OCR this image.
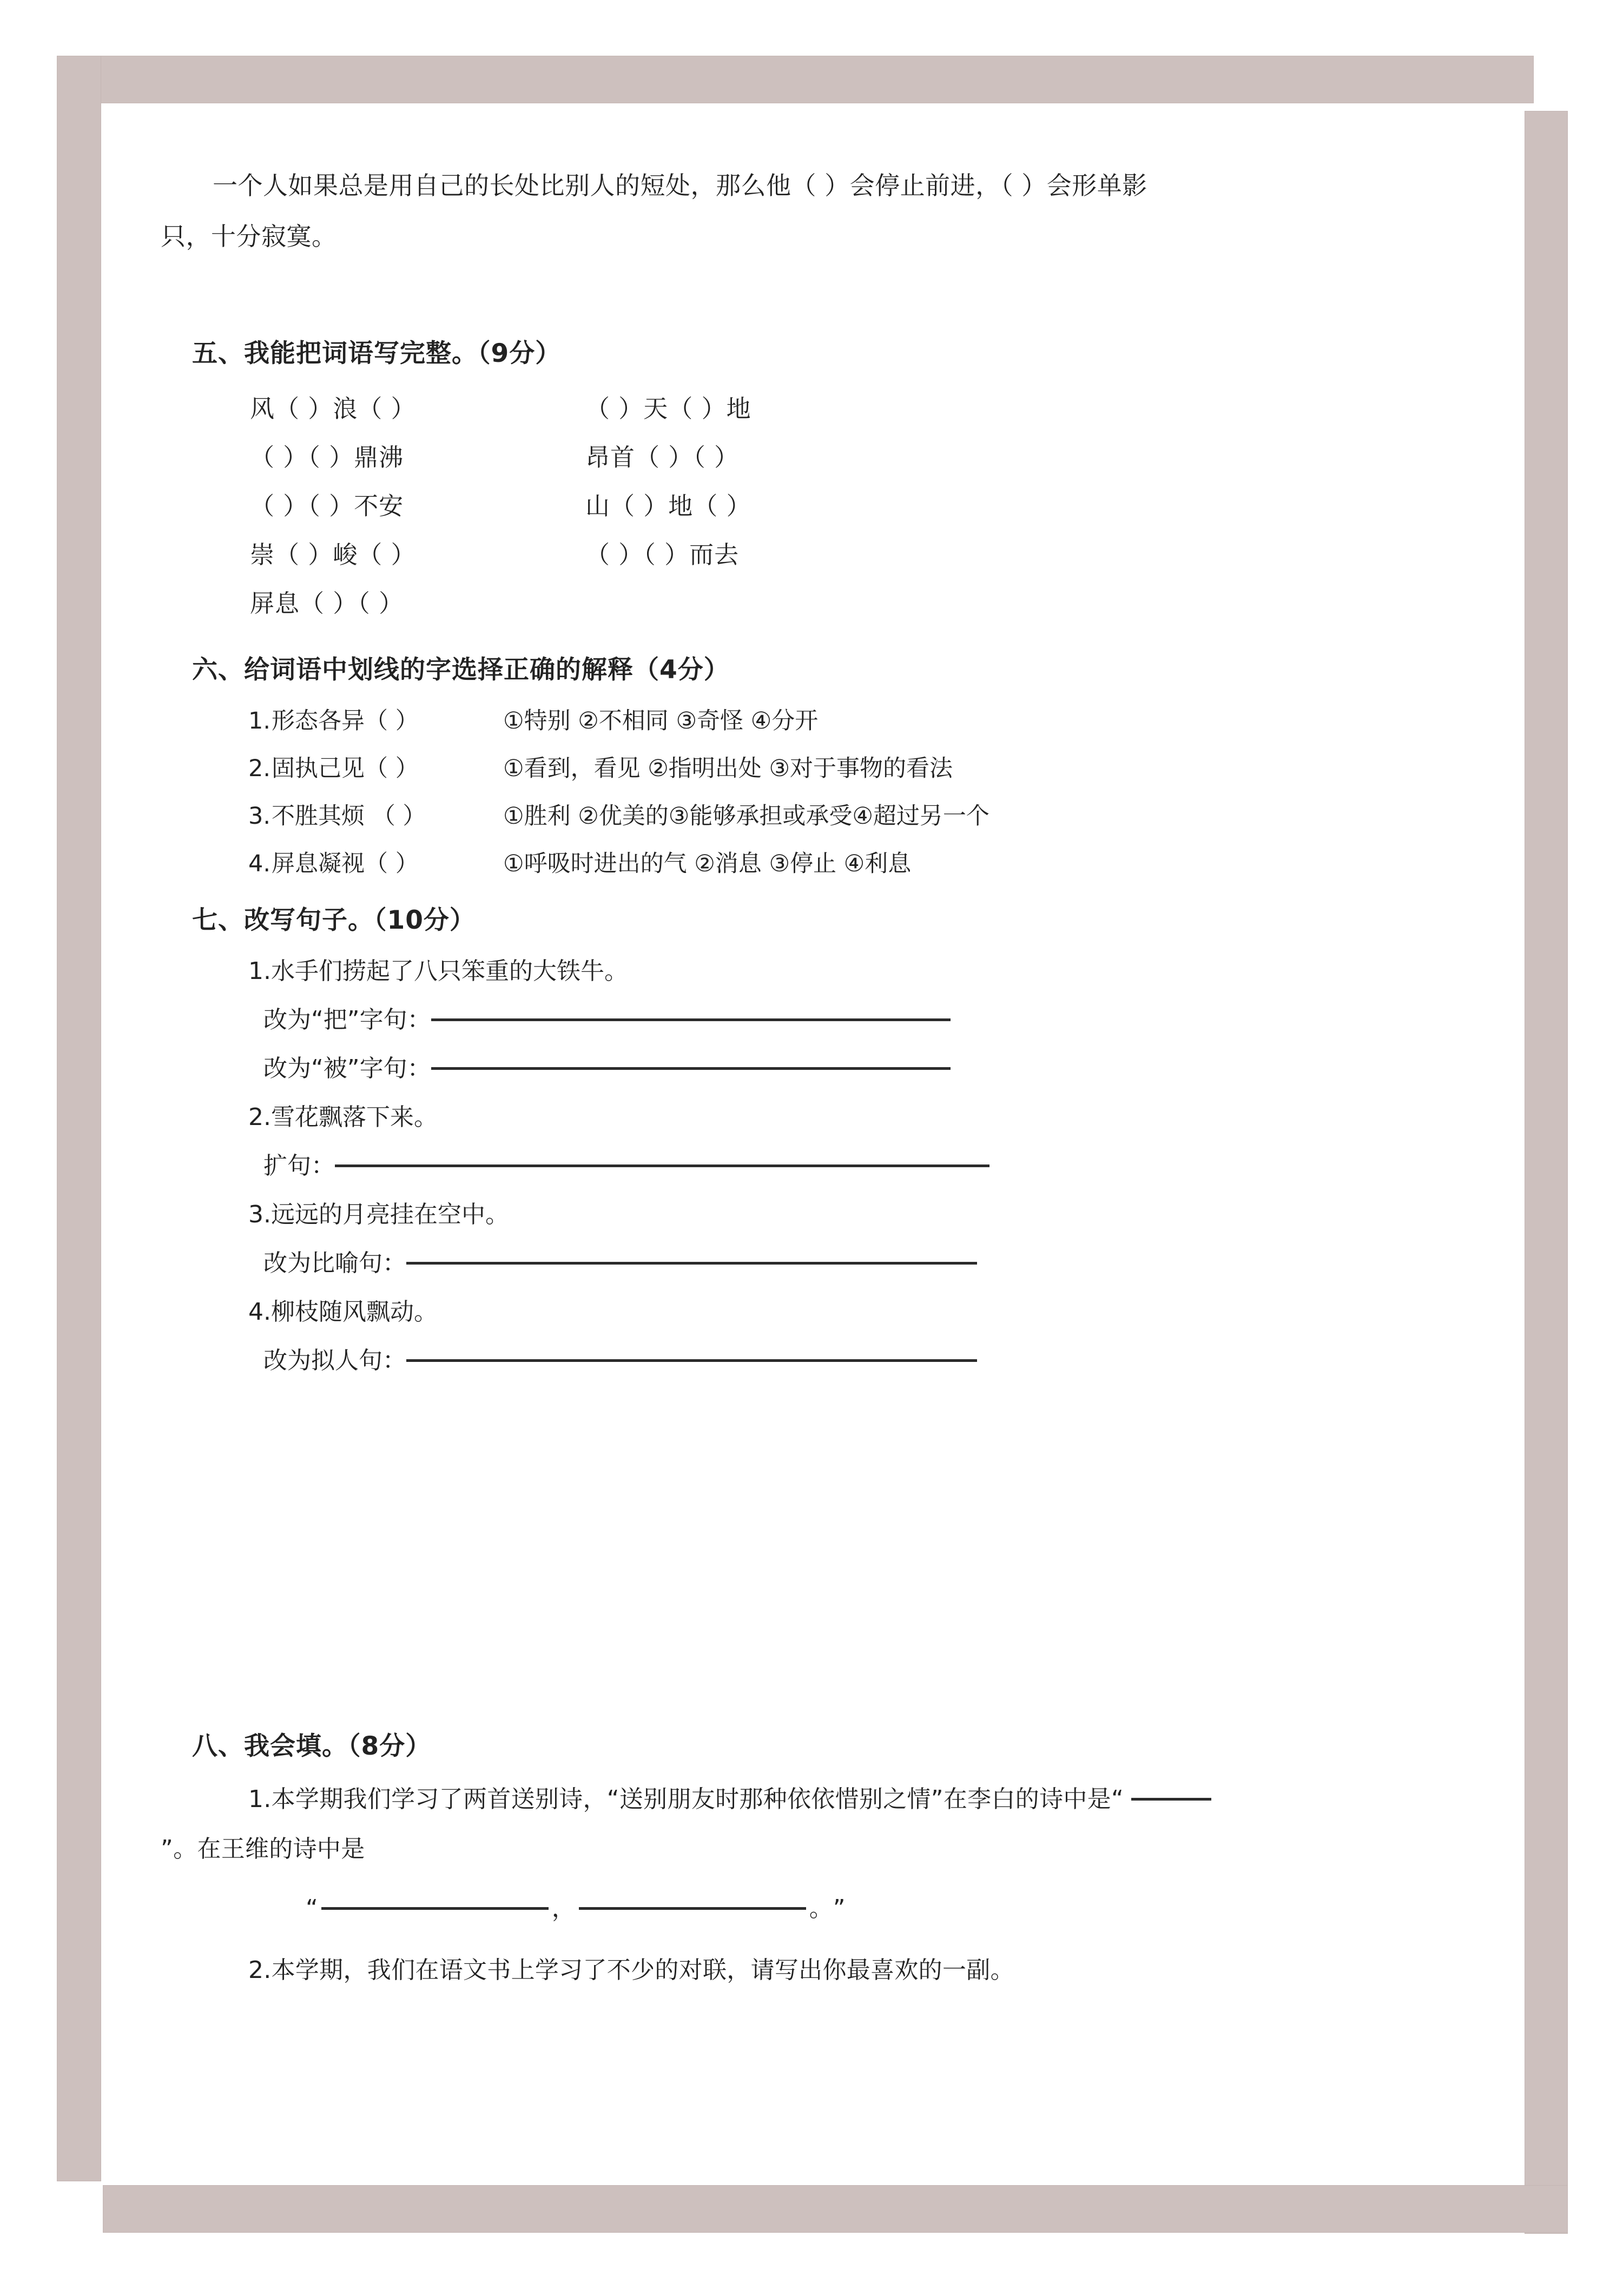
一个人如果总是用自己的长处比别人的短处，那么他（ ）会停止前进，（ ）会形单影
只，十分寂寞。
五、我能把词语写完整。（9分）
风（ ）浪（ ）	（ ）天（ ）地
（ ）（ ）鼎沸	昂首（ ）（ ）
（ ）（ ）不安	山（ ）地（ ）
崇（ ）峻（ ）	（ ）（ ）而去
屏息（ ）（ ）
六、给词语中划线的字选择正确的解释（4分）
1. 形态各异（ ）	①特别 ②不相同 ③奇怪 ④分开
2. 固执己见（ ）	①看到，看见 ②指明出处 ③对于事物的看法
3. 不胜其烦 （ ）	①胜利 ②优美的③能够承担或承受④超过另一个
4. 屏息凝视（ ）	①呼吸时进出的气 ②消息 ③停止 ④利息
七、改写句子。（10分）
1.水手们捞起了八只笨重的大铁牛。
改为“把”字句：
改为“被”字句：
2.雪花飘落下来。
扩句：
3.远远的月亮挂在空中。
改为比喻句：
4.柳枝随风飘动。
改为拟人句：
八、我会填。（8分）
1.本学期我们学习了两首送别诗，“送别朋友时那种依依惜别之情”在李白的诗中是“
”。在王维的诗中是
“	，	。 ”
2.本学期，我们在语文书上学习了不少的对联，请写出你最喜欢的一副。
